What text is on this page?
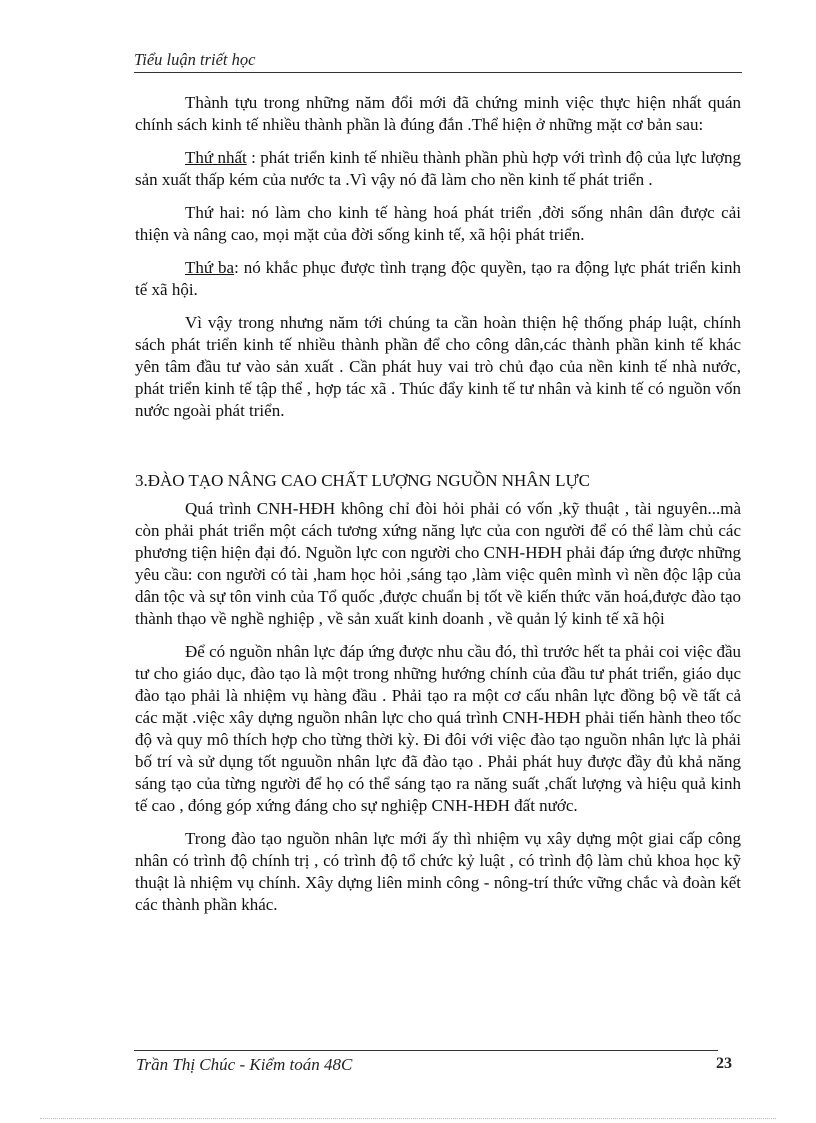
Tiểu luận triết học

Thành tựu trong những năm đổi mới đã chứng minh việc thực hiện nhất quán chính sách kinh tế nhiều thành phần là đúng đắn .Thể hiện ở những mặt cơ bản sau:

Thứ nhất : phát triển kinh tế nhiều thành phần phù hợp với trình độ của lực lượng sản xuất thấp kém của nước ta .Vì vậy nó đã làm cho nền kinh tế phát triển .

Thứ hai: nó làm cho kinh tế hàng hoá phát triển ,đời sống nhân dân được cải thiện và nâng cao, mọi mặt của đời sống kinh tế, xã hội phát triển.

Thứ ba: nó khắc phục được tình trạng độc quyền, tạo ra động lực phát triển kinh tế xã hội.

Vì vậy trong nhưng năm tới chúng ta cần hoàn thiện hệ thống pháp luật, chính sách phát triển kinh tế nhiều thành phần để cho công dân,các thành phần kinh tế khác yên tâm đầu tư vào sản xuất . Cần phát huy vai trò chủ đạo của nền kinh tế nhà nước, phát triển kinh tế tập thể , hợp tác xã . Thúc đẩy kinh tế tư nhân và kinh tế có nguồn vốn nước ngoài phát triển.

3.ĐÀO TẠO NÂNG CAO CHẤT LƯỢNG NGUỒN NHÂN LỰC

Quá trình CNH-HĐH không chỉ đòi hỏi phải có vốn ,kỹ thuật , tài nguyên...mà còn phải phát triển một cách tương xứng năng lực của con người để có thể làm chủ các phương tiện hiện đại đó. Nguồn lực con người cho CNH-HĐH phải đáp ứng được những yêu cầu: con người có tài ,ham học hỏi ,sáng tạo ,làm việc quên mình vì nền độc lập của dân tộc và sự tôn vinh của Tổ quốc ,được chuẩn bị tốt về kiến thức văn hoá,được đào tạo thành thạo về nghề nghiệp , về sản xuất kinh doanh , về quản lý kinh tế xã hội

Để có nguồn nhân lực đáp ứng được nhu cầu đó, thì trước hết ta phải coi việc đầu tư cho giáo dục, đào tạo là một trong những hướng chính của đầu tư phát triển, giáo dục đào tạo phải là nhiệm vụ hàng đầu . Phải tạo ra một cơ cấu nhân lực đồng bộ về tất cả các mặt .việc xây dựng nguồn nhân lực cho quá trình CNH-HĐH phải tiến hành theo tốc độ và quy mô thích hợp cho từng thời kỳ. Đi đôi với việc đào tạo nguồn nhân lực là phải bố trí và sử dụng tốt nguuồn nhân lực đã đào tạo . Phải phát huy được đầy đủ khả năng sáng tạo của từng người để họ có thể sáng tạo ra năng suất ,chất lượng và hiệu quả kinh tế cao , đóng góp xứng đáng cho sự nghiệp CNH-HĐH đất nước.

Trong đào tạo nguồn nhân lực mới ấy thì nhiệm vụ xây dựng một giai cấp công nhân có trình độ chính trị , có trình độ tổ chức kỷ luật , có trình độ làm chủ khoa học kỹ thuật là nhiệm vụ chính. Xây dựng liên minh công - nông-trí thức vững chắc và đoàn kết các thành phần khác.

Trần Thị Chúc - Kiểm toán 48C	23
